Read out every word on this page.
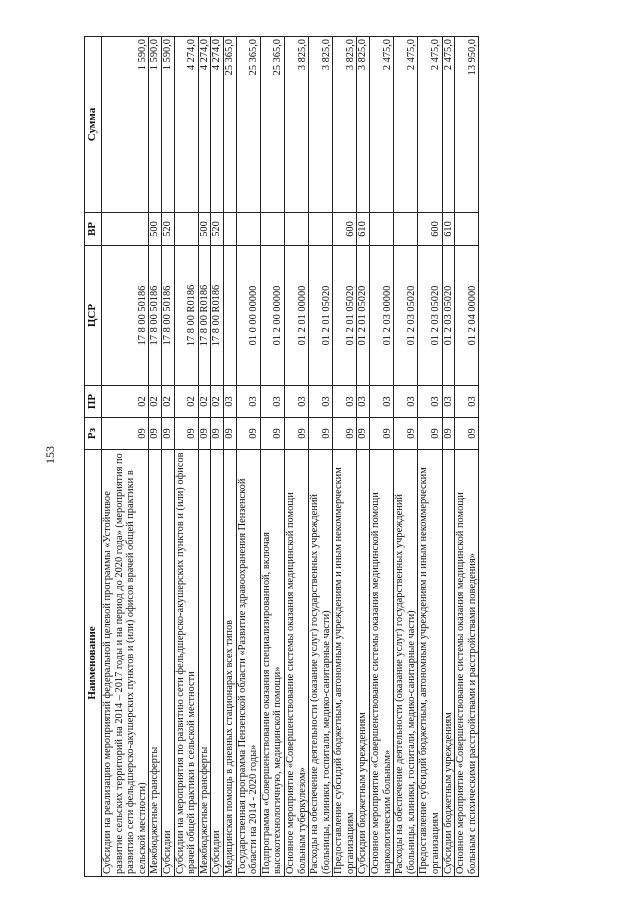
153
Наименование	Рз	ПР	ЦСР	ВР	Сумма
Субсидии на реализацию мероприятий федеральной целевой программы «Устойчивое развитие сельских территорий на 2014 – 2017 годы и на период до 2020 года» (мероприятия по развитию сети фельдшерско-акушерских пунктов и (или) офисов врачей общей практики в сельской местности)	09	02	17 8 00 50186		1 590,0
Межбюджетные трансферты	09	02	17 8 00 50186	500	1 590,0
Субсидии	09	02	17 8 00 50186	520	1 590,0
Субсидии на мероприятия по развитию сети фельдшерско-акушерских пунктов и (или) офисов врачей общей практики в сельской местности	09	02	17 8 00 R0186		4 274,0
Межбюджетные трансферты	09	02	17 8 00 R0186	500	4 274,0
Субсидии	09	02	17 8 00 R0186	520	4 274,0
Медицинская помощь в дневных стационарах всех типов	09	03			25 365,0
Государственная программа Пензенской области «Развитие здравоохранения Пензенской области на 2014 - 2020 годы»	09	03	01 0 00 00000		25 365,0
Подпрограмма «Совершенствование оказания специализированной, включая высокотехнологичную, медицинской помощи»	09	03	01 2 00 00000		25 365,0
Основное мероприятие «Совершенствование системы оказания медицинской помощи больным туберкулезом»	09	03	01 2 01 00000		3 825,0
Расходы на обеспечение деятельности (оказание услуг) государственных учреждений (больницы, клиники, госпитали, медико-санитарные части)	09	03	01 2 01 05020		3 825,0
Предоставление субсидий бюджетным, автономным учреждениям и иным некоммерческим организациям	09	03	01 2 01 05020	600	3 825,0
Субсидии бюджетным учреждениям	09	03	01 2 01 05020	610	3 825,0
Основное мероприятие «Совершенствование системы оказания медицинской помощи наркологическим больным»	09	03	01 2 03 00000		2 475,0
Расходы на обеспечение деятельности (оказание услуг) государственных учреждений (больницы, клиники, госпитали, медико-санитарные части)	09	03	01 2 03 05020		2 475,0
Предоставление субсидий бюджетным, автономным учреждениям и иным некоммерческим организациям	09	03	01 2 03 05020	600	2 475,0
Субсидии бюджетным учреждениям	09	03	01 2 03 05020	610	2 475,0
Основное мероприятие «Совершенствование системы оказания медицинской помощи больным с психическими расстройствами и расстройствами поведения»	09	03	01 2 04 00000		13 950,0
